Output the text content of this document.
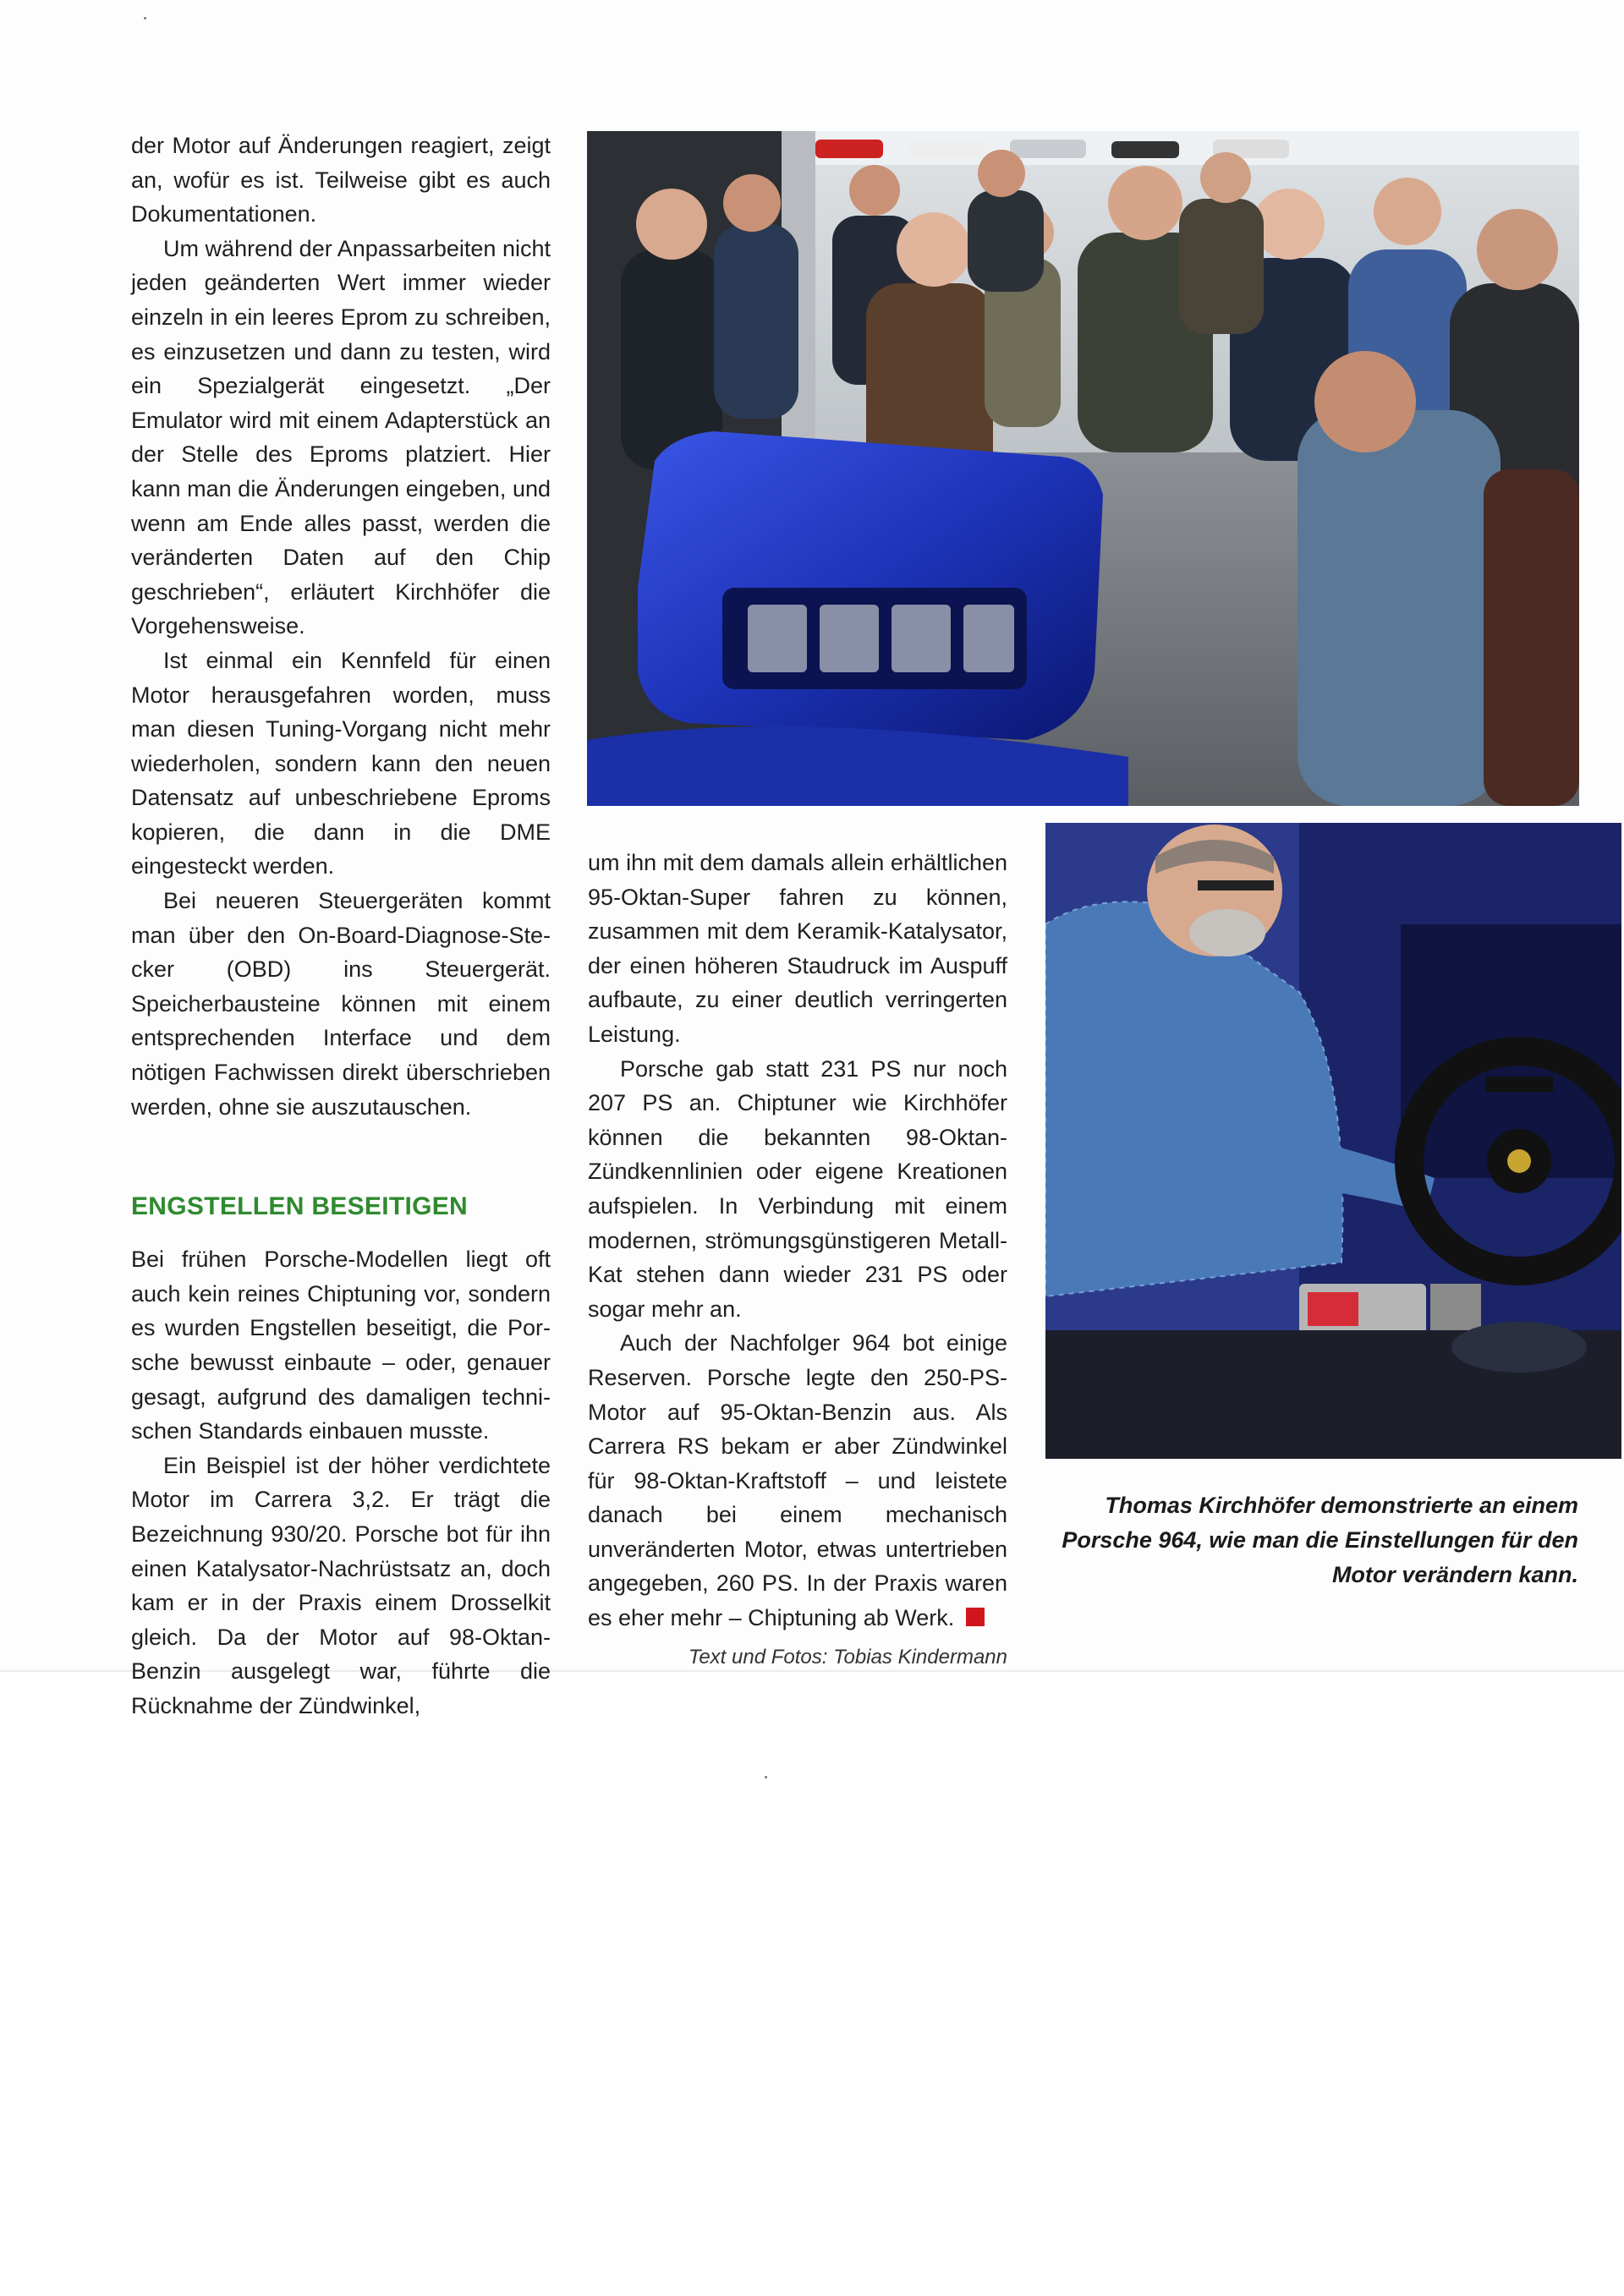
der Motor auf Änderungen reagiert, zeigt an, wofür es ist. Teilweise gibt es auch Dokumentationen.

Um während der Anpassarbeiten nicht jeden geänderten Wert immer wieder einzeln in ein leeres Eprom zu schreiben, es einzusetzen und dann zu testen, wird ein Spezialgerät eingesetzt. „Der Emulator wird mit einem Adapterstück an der Stelle des Eproms platziert. Hier kann man die Änderungen eingeben, und wenn am Ende alles passt, werden die veränderten Daten auf den Chip geschrieben“, erläutert Kirchhöfer die Vorgehensweise.

Ist einmal ein Kennfeld für einen Motor herausgefahren worden, muss man diesen Tuning-Vorgang nicht mehr wiederholen, sondern kann den neuen Datensatz auf unbeschriebene Eproms kopieren, die dann in die DME eingesteckt werden.

Bei neueren Steuergeräten kommt man über den On-Board-Diagnose-Stecker (OBD) ins Steuergerät. Speicherbausteine können mit einem entsprechenden Interface und dem nötigen Fachwissen direkt überschrieben werden, ohne sie auszutauschen.

ENGSTELLEN BESEITIGEN

Bei frühen Porsche-Modellen liegt oft auch kein reines Chiptuning vor, sondern es wurden Engstellen beseitigt, die Porsche bewusst einbaute – oder, genauer gesagt, aufgrund des damaligen technischen Standards einbauen musste.

Ein Beispiel ist der höher verdichtete Motor im Carrera 3,2. Er trägt die Bezeichnung 930/20. Porsche bot für ihn einen Katalysator-Nachrüstsatz an, doch kam er in der Praxis einem Drosselkit gleich. Da der Motor auf 98-Oktan-Benzin ausgelegt war, führte die Rücknahme der Zündwinkel,

um ihn mit dem damals allein erhältlichen 95-Oktan-Super fahren zu können, zusammen mit dem Keramik-Katalysator, der einen höheren Staudruck im Auspuff aufbaute, zu einer deutlich verringerten Leistung.

Porsche gab statt 231 PS nur noch 207 PS an. Chiptuner wie Kirchhöfer können die bekannten 98-Oktan-Zündkennlinien oder eigene Kreationen aufspielen. In Verbindung mit einem modernen, strömungsgünstigeren Metall-Kat stehen dann wieder 231 PS oder sogar mehr an.

Auch der Nachfolger 964 bot einige Reserven. Porsche legte den 250-PS-Motor auf 95-Oktan-Benzin aus. Als Carrera RS bekam er aber Zündwinkel für 98-Oktan-Kraftstoff – und leistete danach bei einem mechanisch unveränderten Motor, etwas untertrieben angegeben, 260 PS. In der Praxis waren es eher mehr – Chiptuning ab Werk.

Text und Fotos: Tobias Kindermann
Thomas Kirchhöfer demonstrierte an einem Porsche 964, wie man die Einstellungen für den Motor verändern kann.
